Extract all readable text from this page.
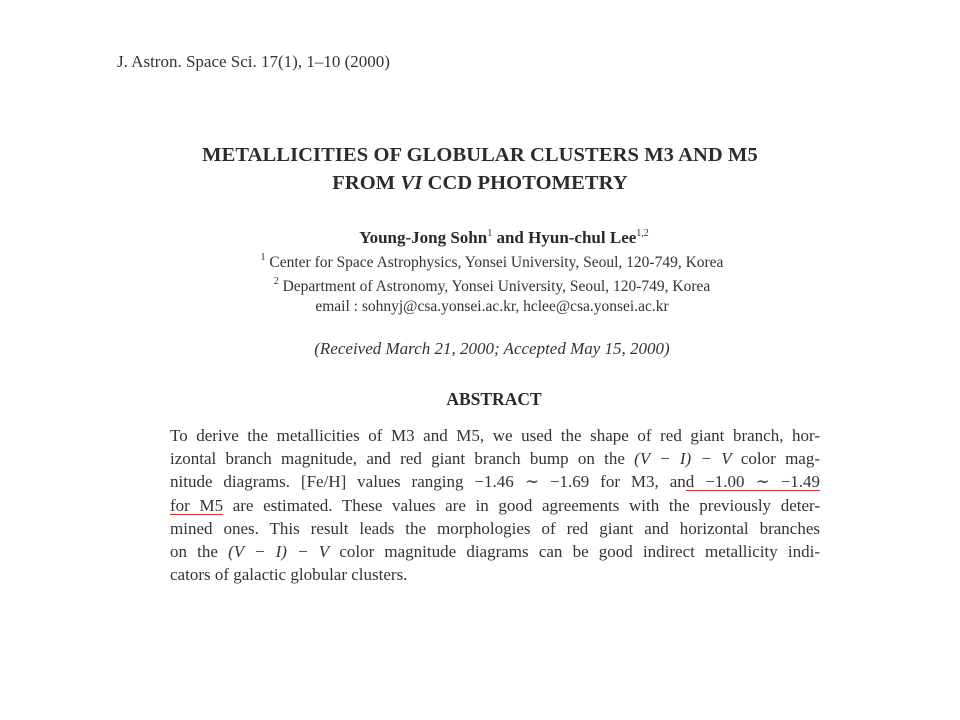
J. Astron. Space Sci. 17(1), 1–10 (2000)
METALLICITIES OF GLOBULAR CLUSTERS M3 AND M5
FROM VI CCD PHOTOMETRY
Young-Jong Sohn$^1$ and Hyun-chul Lee$^{1,2}$
$^1$ Center for Space Astrophysics, Yonsei University, Seoul, 120-749, Korea
$^2$ Department of Astronomy, Yonsei University, Seoul, 120-749, Korea
email : sohnyj@csa.yonsei.ac.kr, hclee@csa.yonsei.ac.kr
(Received March 21, 2000; Accepted May 15, 2000)
ABSTRACT
To derive the metallicities of M3 and M5, we used the shape of red giant branch, hor-
izontal branch magnitude, and red giant branch bump on the (V − I) − V color mag-
nitude diagrams. [Fe/H] values ranging −1.46 ∼ −1.69 for M3, and −1.00 ∼ −1.49
for M5 are estimated. These values are in good agreements with the previously deter-
mined ones. This result leads the morphologies of red giant and horizontal branches
on the (V − I) − V color magnitude diagrams can be good indirect metallicity indi-
cators of galactic globular clusters.
